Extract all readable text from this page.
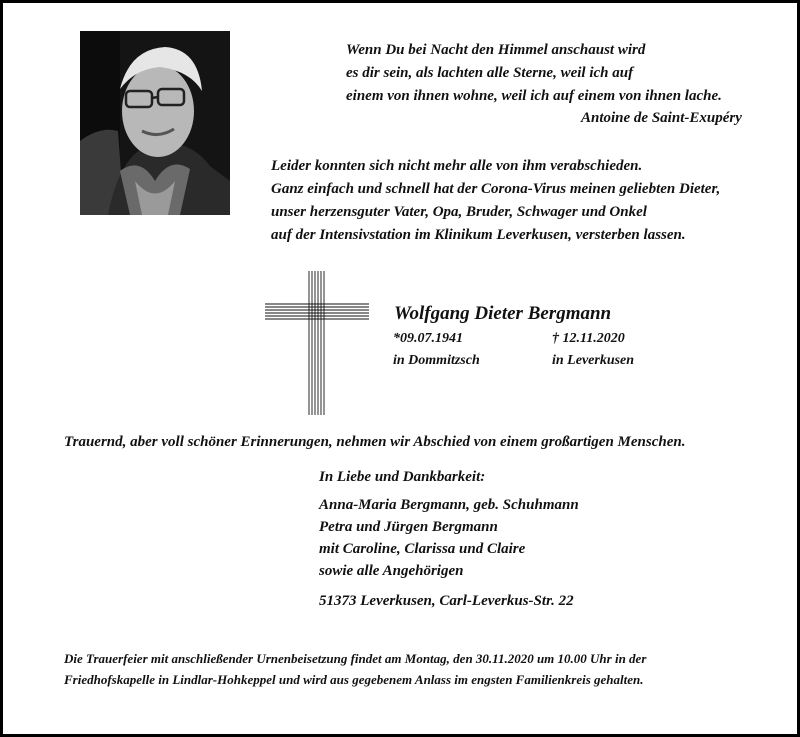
Wenn Du bei Nacht den Himmel anschaust wird
es dir sein, als lachten alle Sterne, weil ich auf
einem von ihnen wohne, weil ich auf einem von ihnen lache.
Antoine de Saint-Exupéry
Leider konnten sich nicht mehr alle von ihm verabschieden.
Ganz einfach und schnell hat der Corona-Virus meinen geliebten Dieter,
unser herzensguter Vater, Opa, Bruder, Schwager und Onkel
auf der Intensivstation im Klinikum Leverkusen, versterben lassen.
Wolfgang Dieter Bergmann
*09.07.1941	† 12.11.2020
in Dommitzsch	in Leverkusen
Trauernd, aber voll schöner Erinnerungen, nehmen wir Abschied von einem großartigen Menschen.
In Liebe und Dankbarkeit:
Anna-Maria Bergmann, geb. Schuhmann
Petra und Jürgen Bergmann
mit Caroline, Clarissa und Claire
sowie alle Angehörigen
51373 Leverkusen, Carl-Leverkus-Str. 22
Die Trauerfeier mit anschließender Urnenbeisetzung findet am Montag, den 30.11.2020 um 10.00 Uhr in der
Friedhofskapelle in Lindlar-Hohkeppel und wird aus gegebenem Anlass im engsten Familienkreis gehalten.
